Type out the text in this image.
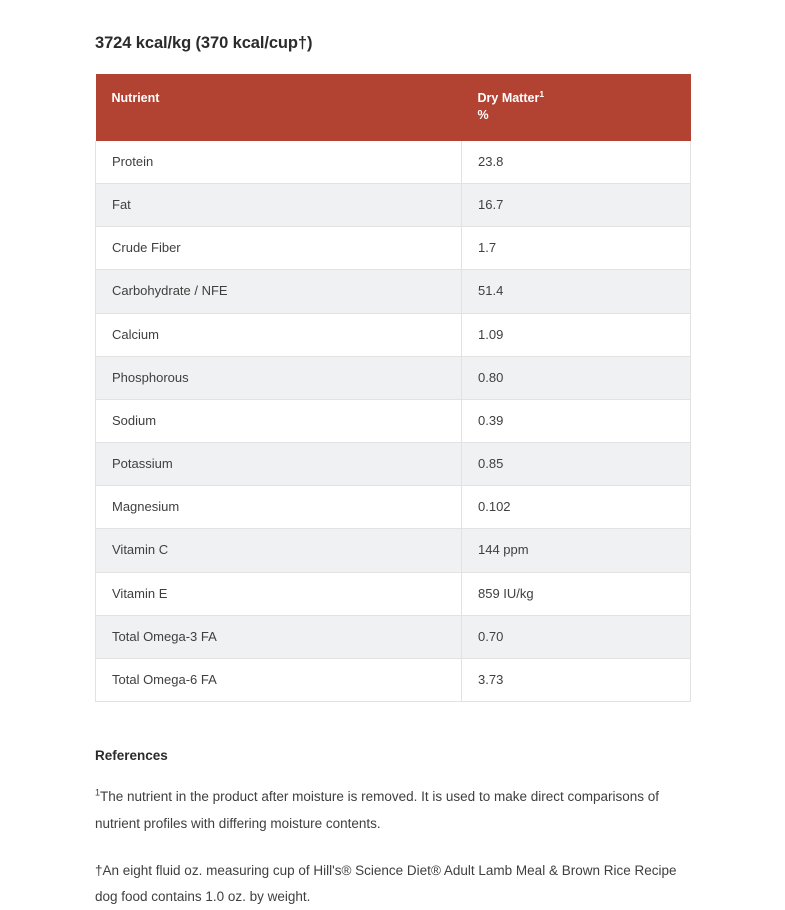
3724 kcal/kg (370 kcal/cup†)
Nutrient	Dry Matter$^1$
%

Protein	23.8
Fat	16.7
Crude Fiber	1.7
Carbohydrate / NFE	51.4
Calcium	1.09
Phosphorous	0.80
Sodium	0.39
Potassium	0.85
Magnesium	0.102
Vitamin C	144 ppm
Vitamin E	859 IU/kg
Total Omega-3 FA	0.70
Total Omega-6 FA	3.73
References

$^1$The nutrient in the product after moisture is removed. It is used to make direct comparisons of nutrient profiles with differing moisture contents.

†An eight fluid oz. measuring cup of Hill's® Science Diet® Adult Lamb Meal & Brown Rice Recipe dog food contains 1.0 oz. by weight.
